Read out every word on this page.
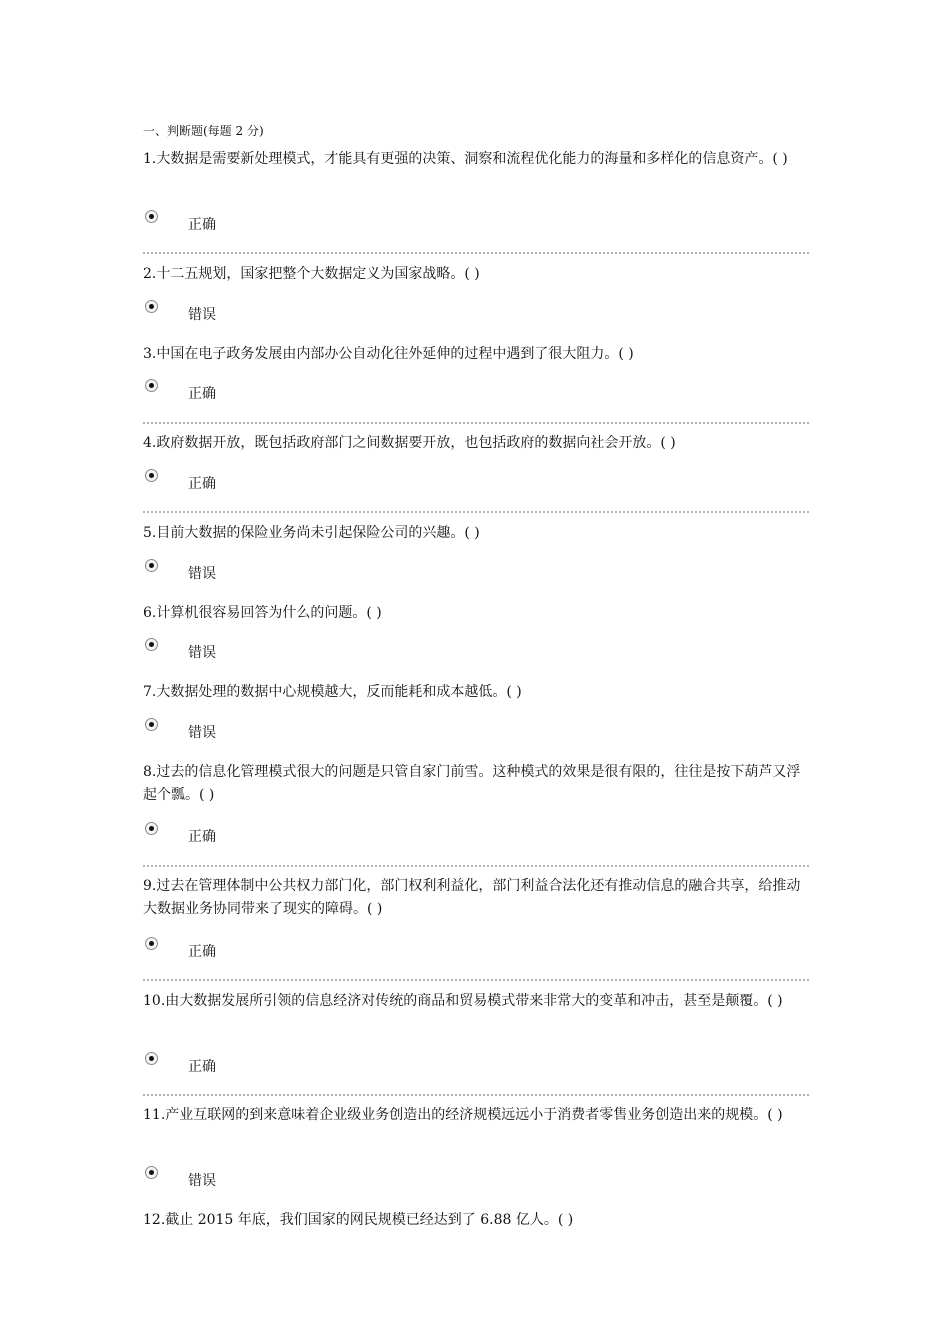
一、判断题(每题 2 分)
1.大数据是需要新处理模式，才能具有更强的决策、洞察和流程优化能力的海量和多样化的信息资产。( )
正确
2.十二五规划，国家把整个大数据定义为国家战略。( )
错误
3.中国在电子政务发展由内部办公自动化往外延伸的过程中遇到了很大阻力。( )
正确
4.政府数据开放，既包括政府部门之间数据要开放，也包括政府的数据向社会开放。( )
正确
5.目前大数据的保险业务尚未引起保险公司的兴趣。( )
错误
6.计算机很容易回答为什么的问题。( )
错误
7.大数据处理的数据中心规模越大，反而能耗和成本越低。( )
错误
8.过去的信息化管理模式很大的问题是只管自家门前雪。这种模式的效果是很有限的，往往是按下葫芦又浮起个瓢。( )
正确
9.过去在管理体制中公共权力部门化，部门权利利益化，部门利益合法化还有推动信息的融合共享，给推动大数据业务协同带来了现实的障碍。( )
正确
10.由大数据发展所引领的信息经济对传统的商品和贸易模式带来非常大的变革和冲击，甚至是颠覆。( )
正确
11.产业互联网的到来意味着企业级业务创造出的经济规模远远小于消费者零售业务创造出来的规模。( )
错误
12.截止 2015 年底，我们国家的网民规模已经达到了 6.88 亿人。( )
